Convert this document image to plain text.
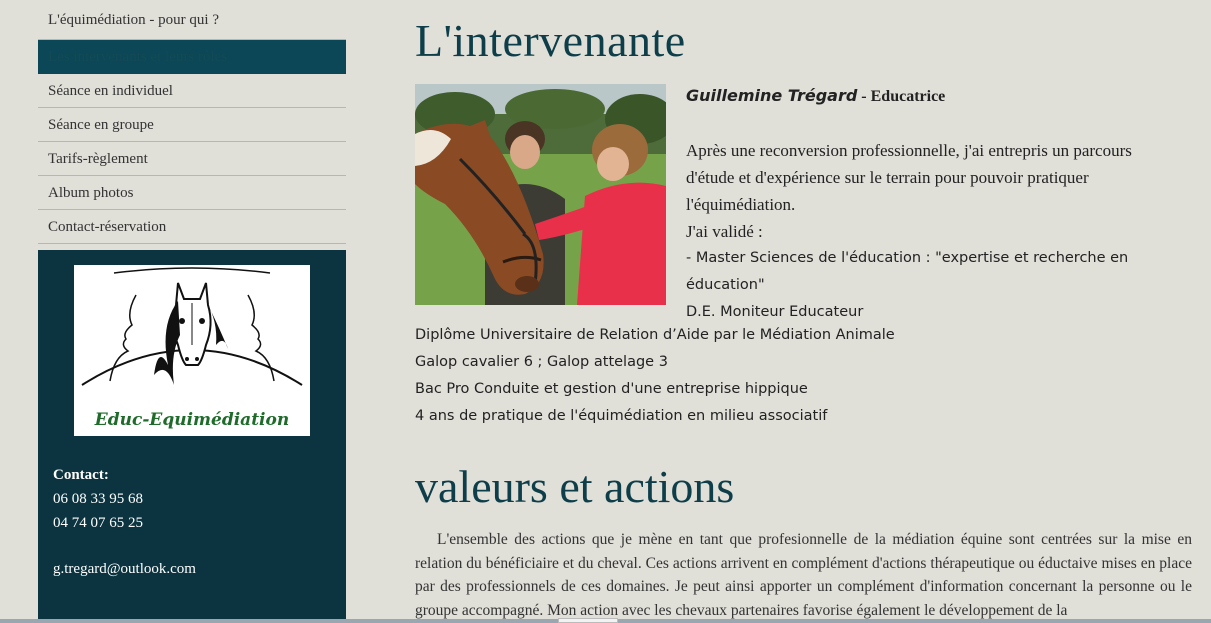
L'équimédiation - pour qui ?
Les intervenants et leurs rôles
Séance en individuel
Séance en groupe
Tarifs-règlement
Album photos
Contact-réservation
Educ-Equimédiation
Contact:
06 08 33 95 68
04 74 07 65 25
g.tregard@outlook.com
L'intervenante
Guillemine Trégard - Educatrice
Après une reconversion professionnelle, j'ai entrepris un parcours d'étude et d'expérience sur le terrain pour pouvoir pratiquer l'équimédiation.
J'ai validé :
- Master Sciences de l'éducation : "expertise et recherche en éducation"
D.E. Moniteur Educateur
Diplôme Universitaire de Relation d’Aide par le Médiation Animale
Galop cavalier 6 ; Galop attelage 3
Bac Pro Conduite et gestion d'une entreprise hippique
4 ans de pratique de l'équimédiation en milieu associatif
valeurs et actions

L'ensemble des actions que je mène en tant que profesionnelle de la médiation équine sont centrées sur la mise en relation du bénéficiaire et du cheval. Ces actions arrivent en complément d'actions thérapeutique ou éductaive mises en place par des professionnels de ces domaines. Je peut ainsi apporter un complément d'information concernant la personne ou le groupe accompagné. Mon action avec les chevaux partenaires favorise également le développement de la
